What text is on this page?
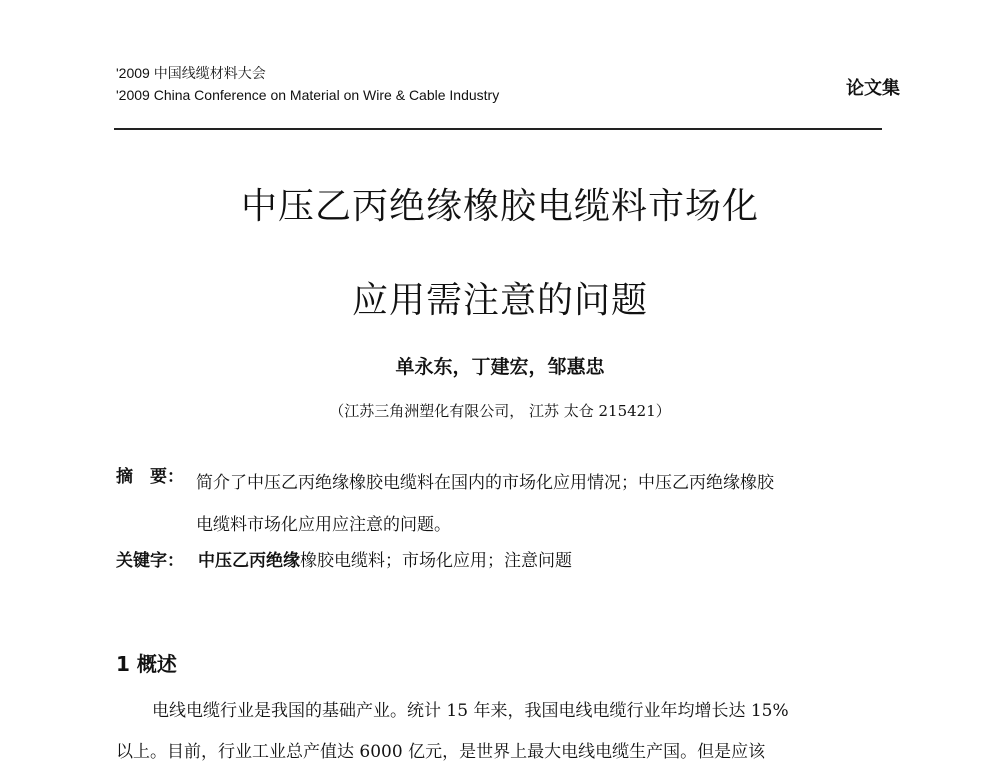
'2009 中国线缆材料大会
'2009 China Conference on Material on Wire & Cable Industry	论文集
中压乙丙绝缘橡胶电缆料市场化
应用需注意的问题
单永东，丁建宏，邹惠忠
（江苏三角洲塑化有限公司， 江苏 太仓 215421）
摘　要： 简介了中压乙丙绝缘橡胶电缆料在国内的市场化应用情况；中压乙丙绝缘橡胶
电缆料市场化应用应注意的问题。
关键字： 中压乙丙绝缘橡胶电缆料；市场化应用；注意问题
1 概述
电线电缆行业是我国的基础产业。统计 15 年来，我国电线电缆行业年均增长达 15%
以上。目前，行业工业总产值达 6000 亿元，是世界上最大电线电缆生产国。但是应该
